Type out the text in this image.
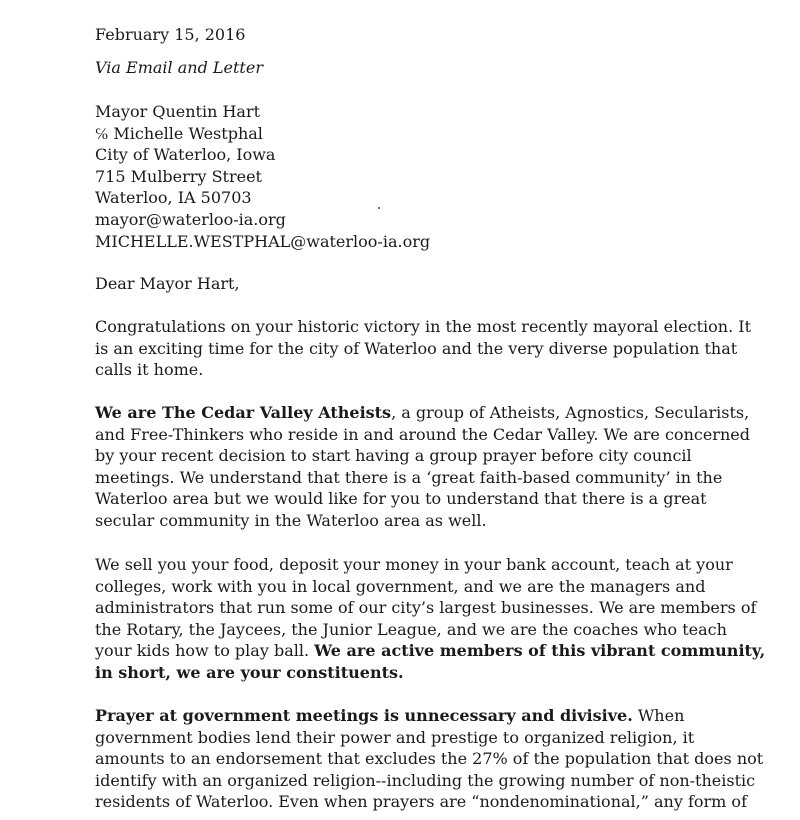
February 15, 2016
Via Email and Letter
Mayor Quentin Hart
℅ Michelle Westphal
City of Waterloo, Iowa
715 Mulberry Street
Waterloo, IA 50703
mayor@waterloo-ia.org
MICHELLE.WESTPHAL@waterloo-ia.org
Dear Mayor Hart,
Congratulations on your historic victory in the most recently mayoral election. It
is an exciting time for the city of Waterloo and the very diverse population that
calls it home.
We are The Cedar Valley Atheists, a group of Atheists, Agnostics, Secularists,
and Free-Thinkers who reside in and around the Cedar Valley. We are concerned
by your recent decision to start having a group prayer before city council
meetings. We understand that there is a ‘great faith-based community’ in the
Waterloo area but we would like for you to understand that there is a great
secular community in the Waterloo area as well.
We sell you your food, deposit your money in your bank account, teach at your
colleges, work with you in local government, and we are the managers and
administrators that run some of our city’s largest businesses. We are members of
the Rotary, the Jaycees, the Junior League, and we are the coaches who teach
your kids how to play ball. We are active members of this vibrant community,
in short, we are your constituents.
Prayer at government meetings is unnecessary and divisive. When
government bodies lend their power and prestige to organized religion, it
amounts to an endorsement that excludes the 27% of the population that does not
identify with an organized religion--including the growing number of non-theistic
residents of Waterloo. Even when prayers are “nondenominational,” any form of
